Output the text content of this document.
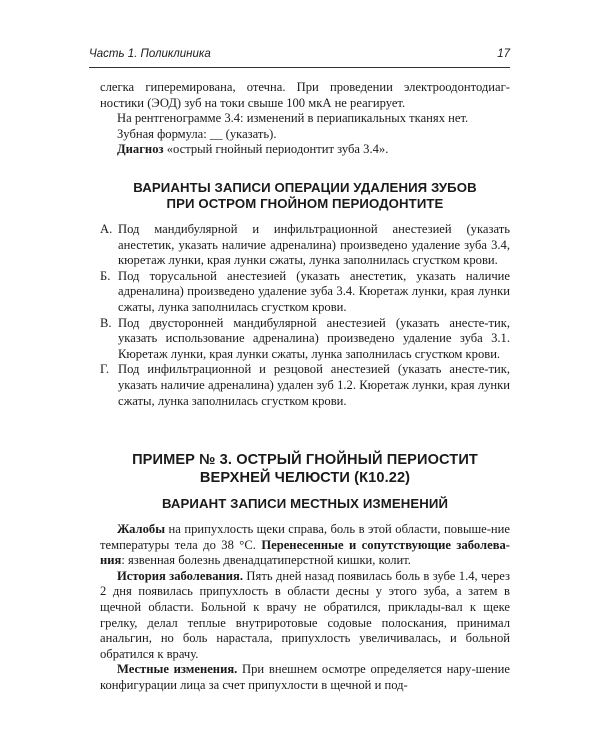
Часть 1. Поликлиника	17

слегка гиперемирована, отечна. При проведении электроодонтодиаг-

ностики (ЭОД) зуб на токи свыше 100 мкА не реагирует.

На рентгенограмме 3.4: изменений в периапикальных тканях нет.

Зубная формула: __ (указать).

Диагноз «острый гнойный периодонтит зуба 3.4».

ВАРИАНТЫ ЗАПИСИ ОПЕРАЦИИ УДАЛЕНИЯ ЗУБОВ
ПРИ ОСТРОМ ГНОЙНОМ ПЕРИОДОНТИТЕ
А. Под мандибулярной и инфильтрационной анестезией (указать анестетик, указать наличие адреналина) произведено удаление зуба 3.4, кюретаж лунки, края лунки сжаты, лунка заполнилась сгустком крови.
Б. Под торусальной анестезией (указать анестетик, указать наличие адреналина) произведено удаление зуба 3.4. Кюретаж лунки, края лунки сжаты, лунка заполнилась сгустком крови.
В. Под двусторонней мандибулярной анестезией (указать анесте-тик, указать использование адреналина) произведено удаление зуба 3.1. Кюретаж лунки, края лунки сжаты, лунка заполнилась сгустком крови.
Г. Под инфильтрационной и резцовой анестезией (указать анесте-тик, указать наличие адреналина) удален зуб 1.2. Кюретаж лунки, края лунки сжаты, лунка заполнилась сгустком крови.
ПРИМЕР № 3. ОСТРЫЙ ГНОЙНЫЙ ПЕРИОСТИТ
ВЕРХНЕЙ ЧЕЛЮСТИ (К10.22)
ВАРИАНТ ЗАПИСИ МЕСТНЫХ ИЗМЕНЕНИЙ

Жалобы на припухлость щеки справа, боль в этой области, повыше-ние температуры тела до 38 °С. Перенесенные и сопутствующие заболева-ния: язвенная болезнь двенадцатиперстной кишки, колит.

История заболевания. Пять дней назад появилась боль в зубе 1.4, через 2 дня появилась припухлость в области десны у этого зуба, а затем в щечной области. Больной к врачу не обратился, приклады-вал к щеке грелку, делал теплые внутриротовые содовые полоскания, принимал анальгин, но боль нарастала, припухлость увеличивалась, и больной обратился к врачу.

Местные изменения. При внешнем осмотре определяется нару-шение конфигурации лица за счет припухлости в щечной и под-
